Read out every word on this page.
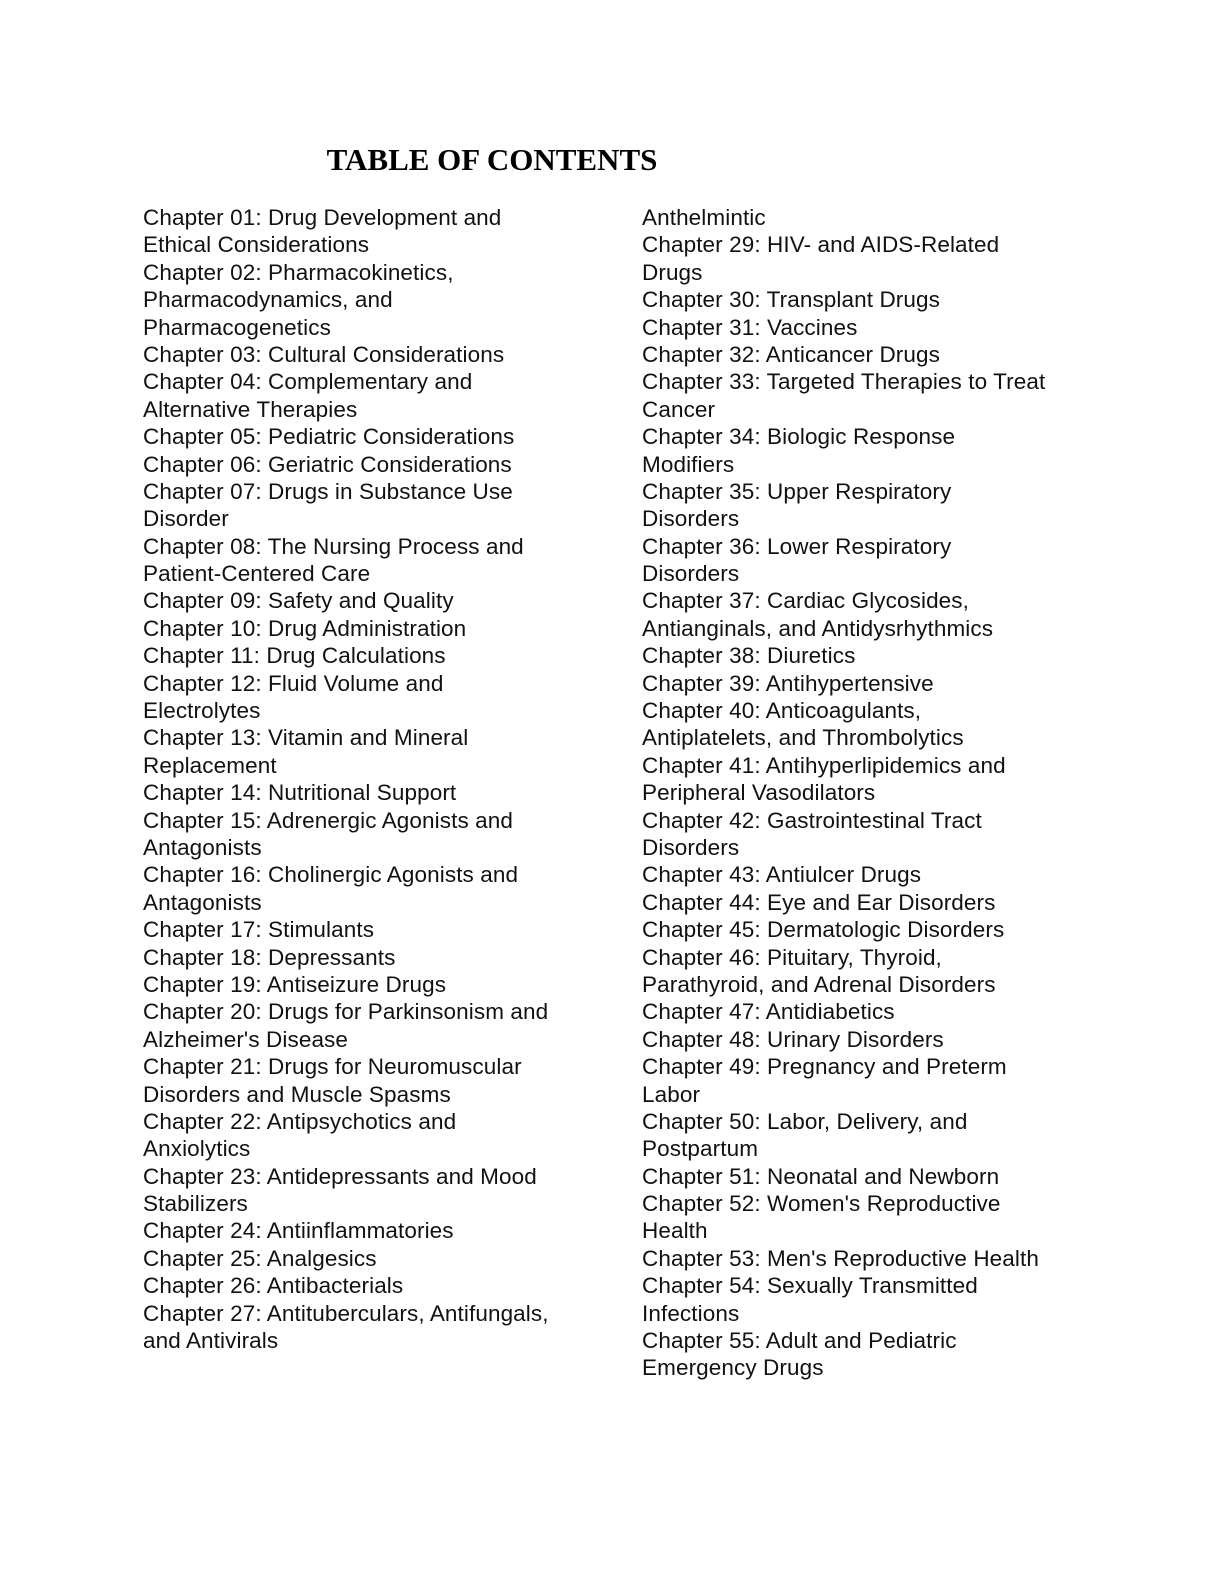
TABLE OF CONTENTS
Chapter 01: Drug Development and
Ethical Considerations
Chapter 02: Pharmacokinetics,
Pharmacodynamics, and
Pharmacogenetics
Chapter 03: Cultural Considerations
Chapter 04: Complementary and
Alternative Therapies
Chapter 05: Pediatric Considerations
Chapter 06: Geriatric Considerations
Chapter 07: Drugs in Substance Use
Disorder
Chapter 08: The Nursing Process and
Patient-Centered Care
Chapter 09: Safety and Quality
Chapter 10: Drug Administration
Chapter 11: Drug Calculations
Chapter 12: Fluid Volume and
Electrolytes
Chapter 13: Vitamin and Mineral
Replacement
Chapter 14: Nutritional Support
Chapter 15: Adrenergic Agonists and
Antagonists
Chapter 16: Cholinergic Agonists and
Antagonists
Chapter 17: Stimulants
Chapter 18: Depressants
Chapter 19: Antiseizure Drugs
Chapter 20: Drugs for Parkinsonism and
Alzheimer's Disease
Chapter 21: Drugs for Neuromuscular
Disorders and Muscle Spasms
Chapter 22: Antipsychotics and
Anxiolytics
Chapter 23: Antidepressants and Mood
Stabilizers
Chapter 24: Antiinflammatories
Chapter 25: Analgesics
Chapter 26: Antibacterials
Chapter 27: Antituberculars, Antifungals,
and Antivirals
Anthelmintic
Chapter 29: HIV- and AIDS-Related
Drugs
Chapter 30: Transplant Drugs
Chapter 31: Vaccines
Chapter 32: Anticancer Drugs
Chapter 33: Targeted Therapies to Treat
Cancer
Chapter 34: Biologic Response
Modifiers
Chapter 35: Upper Respiratory
Disorders
Chapter 36: Lower Respiratory
Disorders
Chapter 37: Cardiac Glycosides,
Antianginals, and Antidysrhythmics
Chapter 38: Diuretics
Chapter 39: Antihypertensive
Chapter 40: Anticoagulants,
Antiplatelets, and Thrombolytics
Chapter 41: Antihyperlipidemics and
Peripheral Vasodilators
Chapter 42: Gastrointestinal Tract
Disorders
Chapter 43: Antiulcer Drugs
Chapter 44: Eye and Ear Disorders
Chapter 45: Dermatologic Disorders
Chapter 46: Pituitary, Thyroid,
Parathyroid, and Adrenal Disorders
Chapter 47: Antidiabetics
Chapter 48: Urinary Disorders
Chapter 49: Pregnancy and Preterm
Labor
Chapter 50: Labor, Delivery, and
Postpartum
Chapter 51: Neonatal and Newborn
Chapter 52: Women's Reproductive
Health
Chapter 53: Men's Reproductive Health
Chapter 54: Sexually Transmitted
Infections
Chapter 55: Adult and Pediatric
Emergency Drugs
